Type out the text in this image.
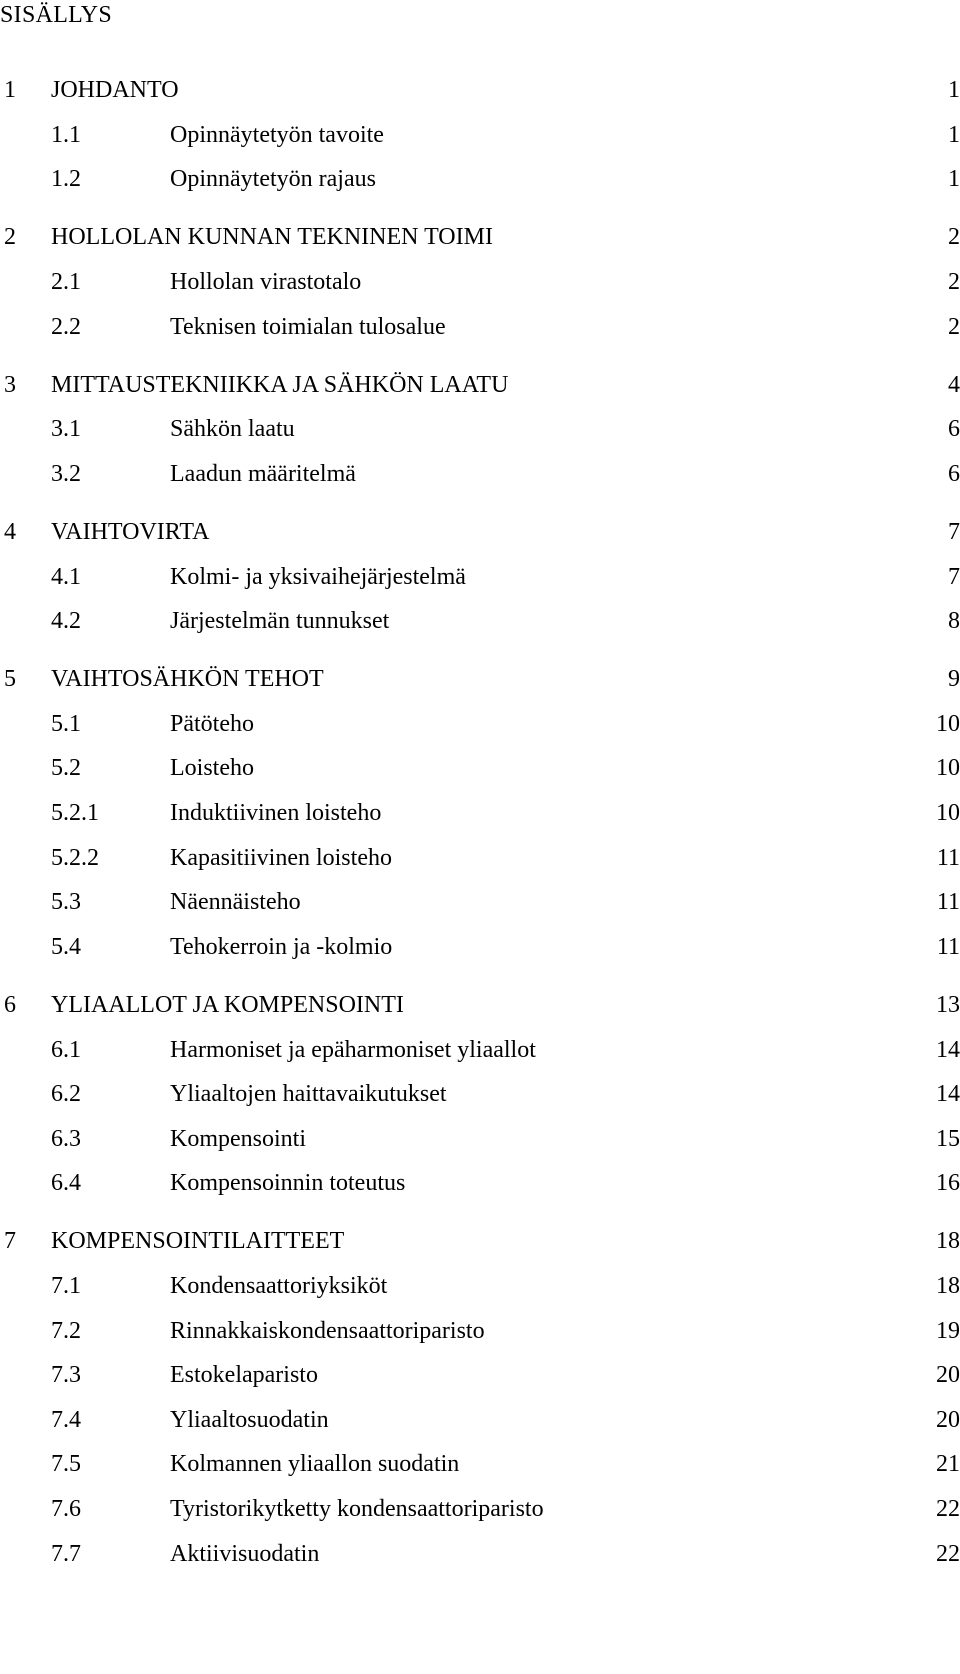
SISÄLLYS
1 JOHDANTO	1
1.1	Opinnäytetyön tavoite	1
1.2	Opinnäytetyön rajaus	1
2 HOLLOLAN KUNNAN TEKNINEN TOIMI	2
2.1	Hollolan virastotalo	2
2.2	Teknisen toimialan tulosalue	2
3 MITTAUSTEKNIIKKA JA SÄHKÖN LAATU	4
3.1	Sähkön laatu	6
3.2	Laadun määritelmä	6
4 VAIHTOVIRTA	7
4.1	Kolmi- ja yksivaihejärjestelmä	7
4.2	Järjestelmän tunnukset	8
5 VAIHTOSÄHKÖN TEHOT	9
5.1	Pätöteho	10
5.2	Loisteho	10
5.2.1	Induktiivinen loisteho	10
5.2.2	Kapasitiivinen loisteho	11
5.3	Näennäisteho	11
5.4	Tehokerroin ja -kolmio	11
6 YLIAALLOT JA KOMPENSOINTI	13
6.1	Harmoniset ja epäharmoniset yliaallot	14
6.2	Yliaaltojen haittavaikutukset	14
6.3	Kompensointi	15
6.4	Kompensoinnin toteutus	16
7 KOMPENSOINTILAITTEET	18
7.1	Kondensaattoriyksiköt	18
7.2	Rinnakkaiskondensaattoriparisto	19
7.3	Estokelaparisto	20
7.4	Yliaaltosuodatin	20
7.5	Kolmannen yliaallon suodatin	21
7.6	Tyristorikytketty kondensaattoriparisto	22
7.7	Aktiivisuodatin	22
